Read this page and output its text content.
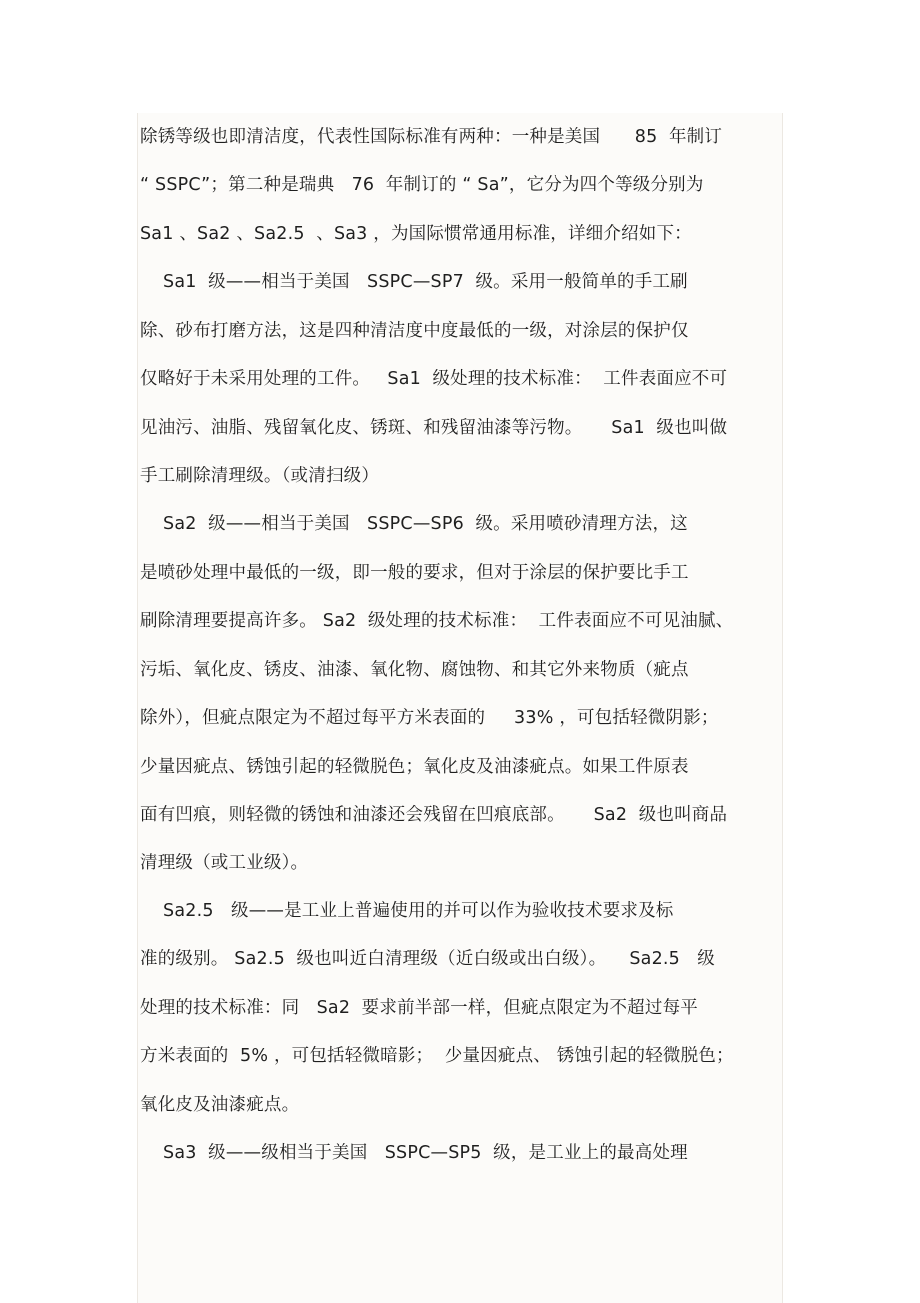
除锈等级也即清洁度，代表性国际标准有两种：一种是美国      85  年制订
“ SSPC”；第二种是瑞典   76  年制订的 “ Sa”，它分为四个等级分别为
Sa1 、Sa2 、Sa2.5  、Sa3 ，为国际惯常通用标准，详细介绍如下：
Sa1  级——相当于美国   SSPC—SP7  级。采用一般简单的手工刷
除、砂布打磨方法，这是四种清洁度中度最低的一级，对涂层的保护仅
仅略好于未采用处理的工件。   Sa1  级处理的技术标准：  工件表面应不可
见油污、油脂、残留氧化皮、锈斑、和残留油漆等污物。     Sa1  级也叫做
手工刷除清理级。（或清扫级）
Sa2  级——相当于美国   SSPC—SP6  级。采用喷砂清理方法，这
是喷砂处理中最低的一级，即一般的要求，但对于涂层的保护要比手工
刷除清理要提高许多。 Sa2  级处理的技术标准：  工件表面应不可见油腻、
污垢、氧化皮、锈皮、油漆、氧化物、腐蚀物、和其它外来物质（疵点
除外），但疵点限定为不超过每平方米表面的     33% ，可包括轻微阴影；
少量因疵点、锈蚀引起的轻微脱色；氧化皮及油漆疵点。如果工件原表
面有凹痕，则轻微的锈蚀和油漆还会残留在凹痕底部。     Sa2  级也叫商品
清理级（或工业级）。
Sa2.5   级——是工业上普遍使用的并可以作为验收技术要求及标
准的级别。 Sa2.5  级也叫近白清理级（近白级或出白级）。    Sa2.5   级
处理的技术标准：同   Sa2  要求前半部一样，但疵点限定为不超过每平
方米表面的  5% ，可包括轻微暗影；  少量因疵点、 锈蚀引起的轻微脱色；
氧化皮及油漆疵点。
Sa3  级——级相当于美国   SSPC—SP5  级，是工业上的最高处理
